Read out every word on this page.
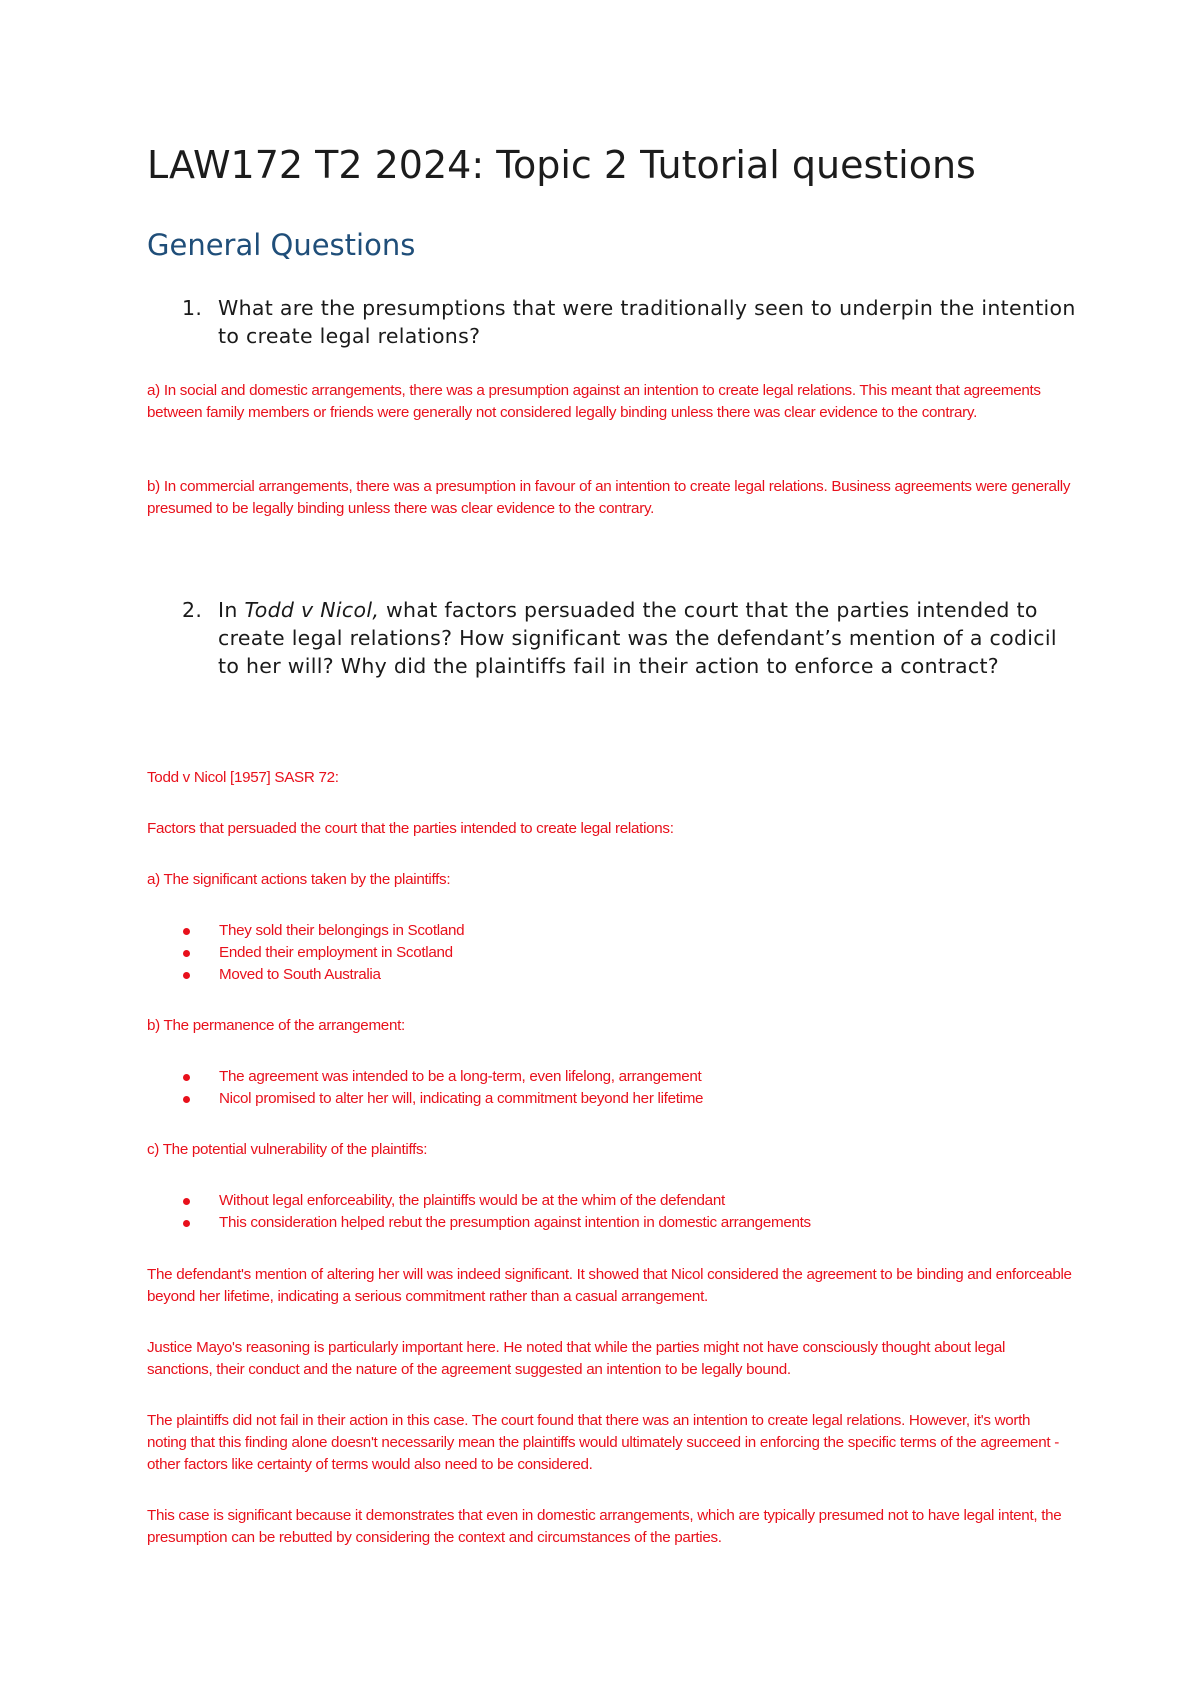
LAW172 T2 2024: Topic 2 Tutorial questions
General Questions
1. What are the presumptions that were traditionally seen to underpin the intention to create legal relations?

a) In social and domestic arrangements, there was a presumption against an intention to create legal relations. This meant that agreements between family members or friends were generally not considered legally binding unless there was clear evidence to the contrary.

b) In commercial arrangements, there was a presumption in favour of an intention to create legal relations. Business agreements were generally presumed to be legally binding unless there was clear evidence to the contrary.

2. In Todd v Nicol, what factors persuaded the court that the parties intended to create legal relations? How significant was the defendant’s mention of a codicil to her will? Why did the plaintiffs fail in their action to enforce a contract?

Todd v Nicol [1957] SASR 72:

Factors that persuaded the court that the parties intended to create legal relations:

a) The significant actions taken by the plaintiffs:

They sold their belongings in Scotland
Ended their employment in Scotland
Moved to South Australia

b) The permanence of the arrangement:

The agreement was intended to be a long-term, even lifelong, arrangement
Nicol promised to alter her will, indicating a commitment beyond her lifetime

c) The potential vulnerability of the plaintiffs:

Without legal enforceability, the plaintiffs would be at the whim of the defendant
This consideration helped rebut the presumption against intention in domestic arrangements

The defendant's mention of altering her will was indeed significant. It showed that Nicol considered the agreement to be binding and enforceable beyond her lifetime, indicating a serious commitment rather than a casual arrangement.

Justice Mayo's reasoning is particularly important here. He noted that while the parties might not have consciously thought about legal sanctions, their conduct and the nature of the agreement suggested an intention to be legally bound.

The plaintiffs did not fail in their action in this case. The court found that there was an intention to create legal relations. However, it's worth noting that this finding alone doesn't necessarily mean the plaintiffs would ultimately succeed in enforcing the specific terms of the agreement - other factors like certainty of terms would also need to be considered.

This case is significant because it demonstrates that even in domestic arrangements, which are typically presumed not to have legal intent, the presumption can be rebutted by considering the context and circumstances of the parties.
